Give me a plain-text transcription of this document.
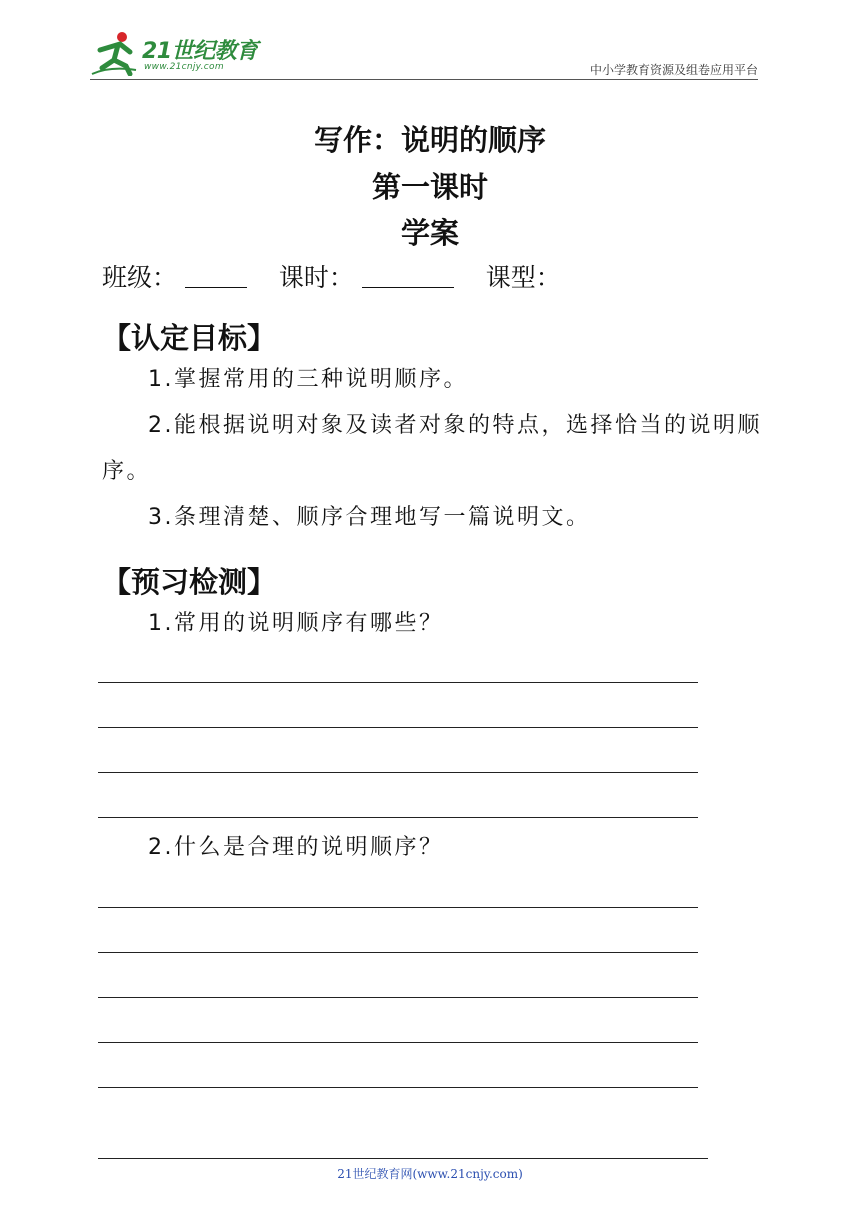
21世纪教育
www.21cnjy.com	中小学教育资源及组卷应用平台
写作：说明的顺序
第一课时
学案
班级：	课时：	课型：
【认定目标】
1.掌握常用的三种说明顺序。
2.能根据说明对象及读者对象的特点，选择恰当的说明顺序。
3.条理清楚、顺序合理地写一篇说明文。
【预习检测】
1.常用的说明顺序有哪些？
2.什么是合理的说明顺序？
21世纪教育网(www.21cnjy.com)
